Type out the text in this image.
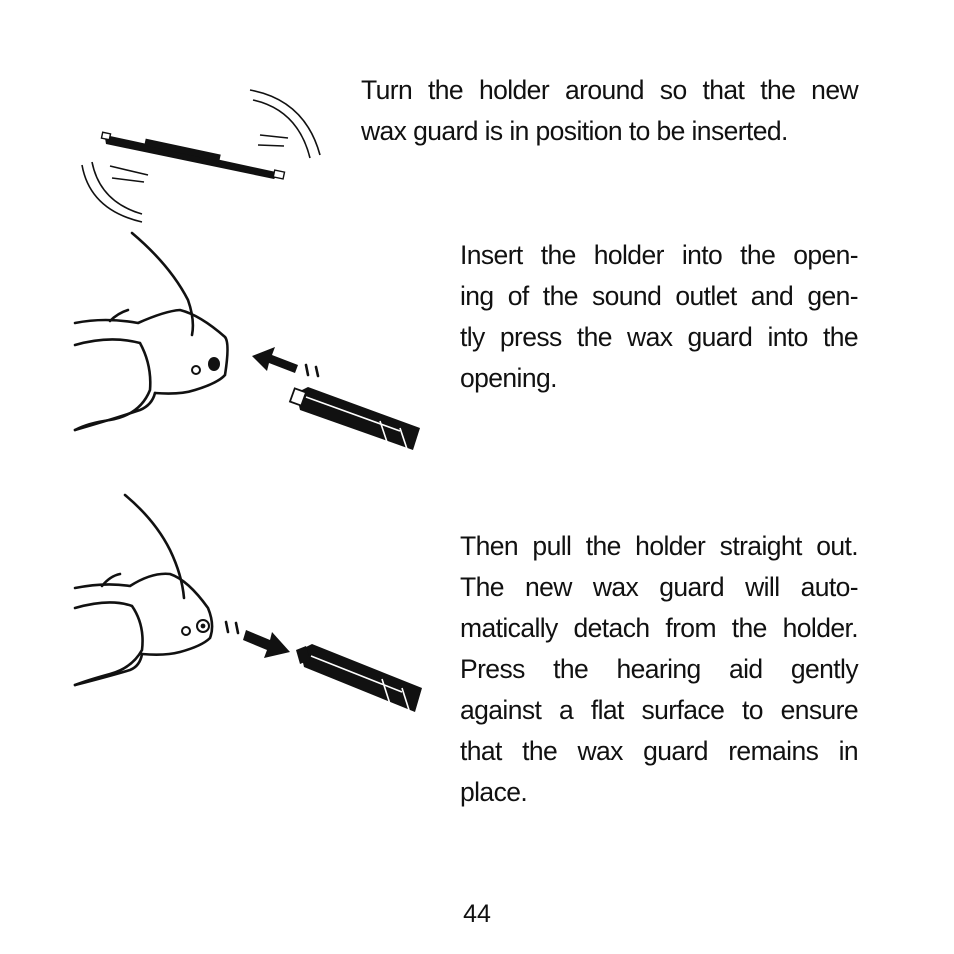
Turn the holder around so that the new
wax guard is in position to be inserted.

Insert the holder into the open-
ing of the sound outlet and gen-
tly press the wax guard into the
opening.

Then pull the holder straight out.
The new wax guard will auto-
matically detach from the holder.
Press the hearing aid gently
against a flat surface to ensure
that the wax guard remains in
place.

44
